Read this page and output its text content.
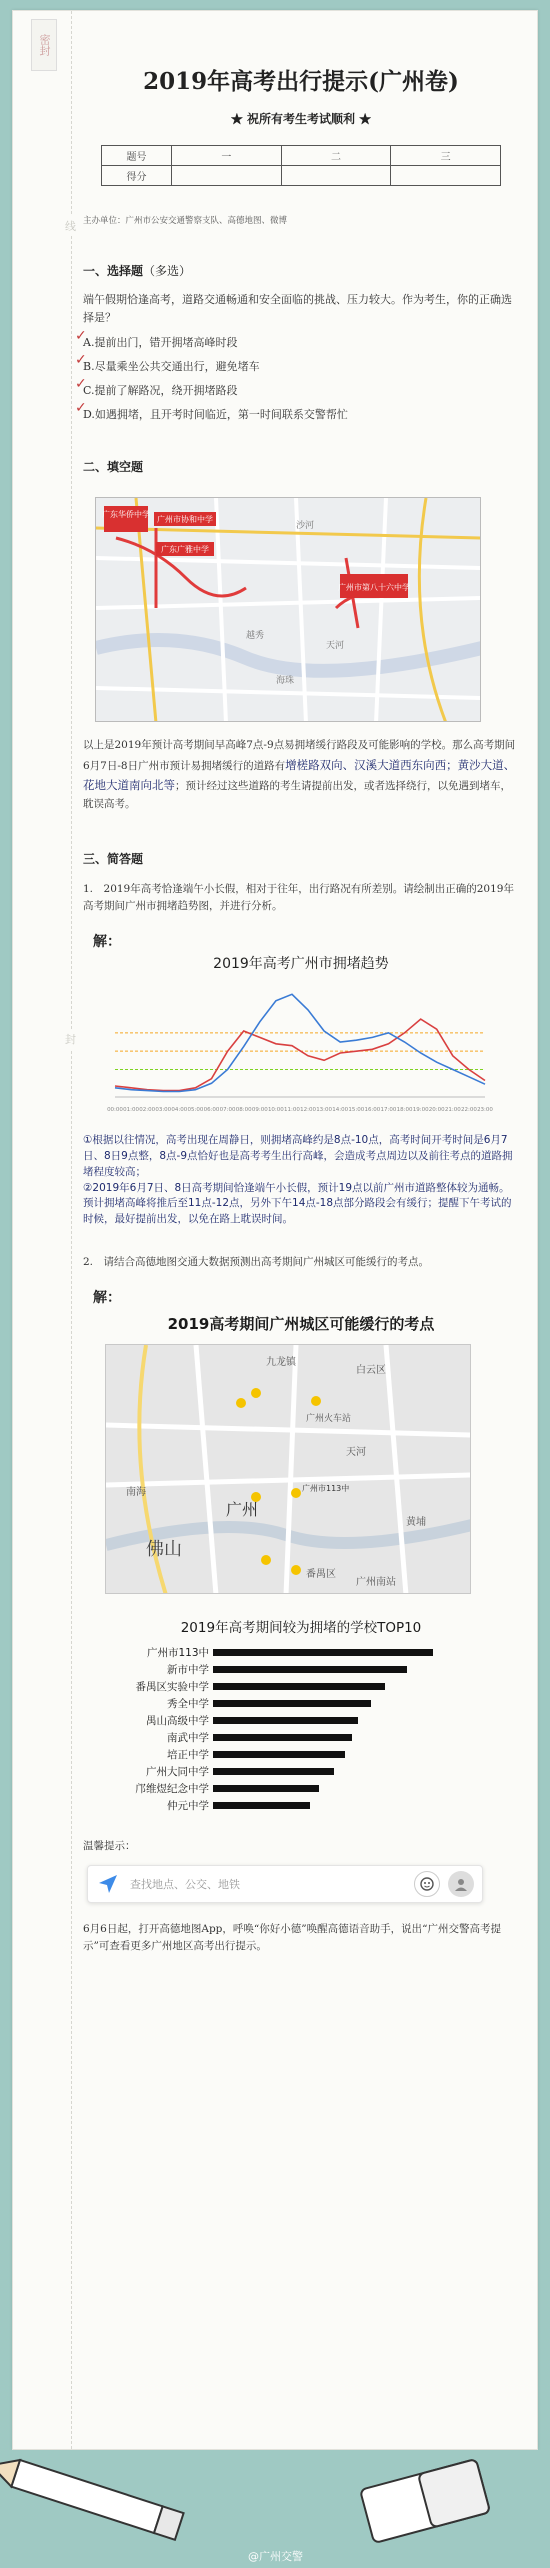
密封
线
封
2019年高考出行提示(广州卷)
★ 祝所有考生考试顺利 ★
题号	一	二	三
得分			
主办单位：广州市公安交通警察支队、高德地图、微博
一、选择题（多选）
端午假期恰逢高考，道路交通畅通和安全面临的挑战、压力较大。作为考生，你的正确选择是？
✓
A.提前出门，错开拥堵高峰时段
✓
B.尽量乘坐公共交通出行，避免堵车
✓
C.提前了解路况，绕开拥堵路段
✓
D.如遇拥堵，且开考时间临近，第一时间联系交警帮忙
二、填空题
广东华侨中学
广州市协和中学
广东广雅中学
广州市第八十六中学
越秀
天河
海珠
沙河
以上是2019年预计高考期间早高峰7点-9点易拥堵缓行路段及可能影响的学校。那么高考期间6月7日-8日广州市预计易拥堵缓行的道路有增槎路双向、汉溪大道西东向西；黄沙大道、花地大道南向北等；预计经过这些道路的考生请提前出发，或者选择绕行，以免遇到堵车，耽误高考。
三、简答题
1.　2019年高考恰逢端午小长假，相对于往年，出行路况有所差别。请绘制出正确的2019年高考期间广州市拥堵趋势图，并进行分析。
解：
2019年高考广州市拥堵趋势
00:00 01:00 02:00 03:00 04:00 05:00 06:00 07:00 08:00 09:00 10:00 11:00 12:00 13:00 14:00 15:00 16:00 17:00 18:00 19:00 20:00 21:00 22:00 23:00

①根据以往情况，高考出现在周静日，则拥堵高峰约是8点-10点，高考时间开考时间是6月7日、8日9点整，8点-9点恰好也是高考考生出行高峰，会造成考点周边以及前往考点的道路拥堵程度较高；

②2019年6月7日、8日高考期间恰逢端午小长假，预计19点以前广州市道路整体较为通畅。预计拥堵高峰将推后至11点-12点，另外下午14点-18点部分路段会有缓行；提醒下午考试的时候，最好提前出发，以免在路上耽误时间。

2.　请结合高德地图交通大数据预测出高考期间广州城区可能缓行的考点。
解：
2019高考期间广州城区可能缓行的考点
九龙镇
白云区
广州火车站
天河
广州市113中
黄埔
番禺区
佛山
南海
广州南站
广州
2019年高考期间较为拥堵的学校TOP10
广州市113中
新市中学
番禺区实验中学
秀全中学
禺山高级中学
南武中学
培正中学
广州大同中学
邝维煜纪念中学
仲元中学
温馨提示：
查找地点、公交、地铁
6月6日起，打开高德地图App，呼唤“你好小德”唤醒高德语音助手，说出“广州交警高考提示”可查看更多广州地区高考出行提示。
@广州交警
